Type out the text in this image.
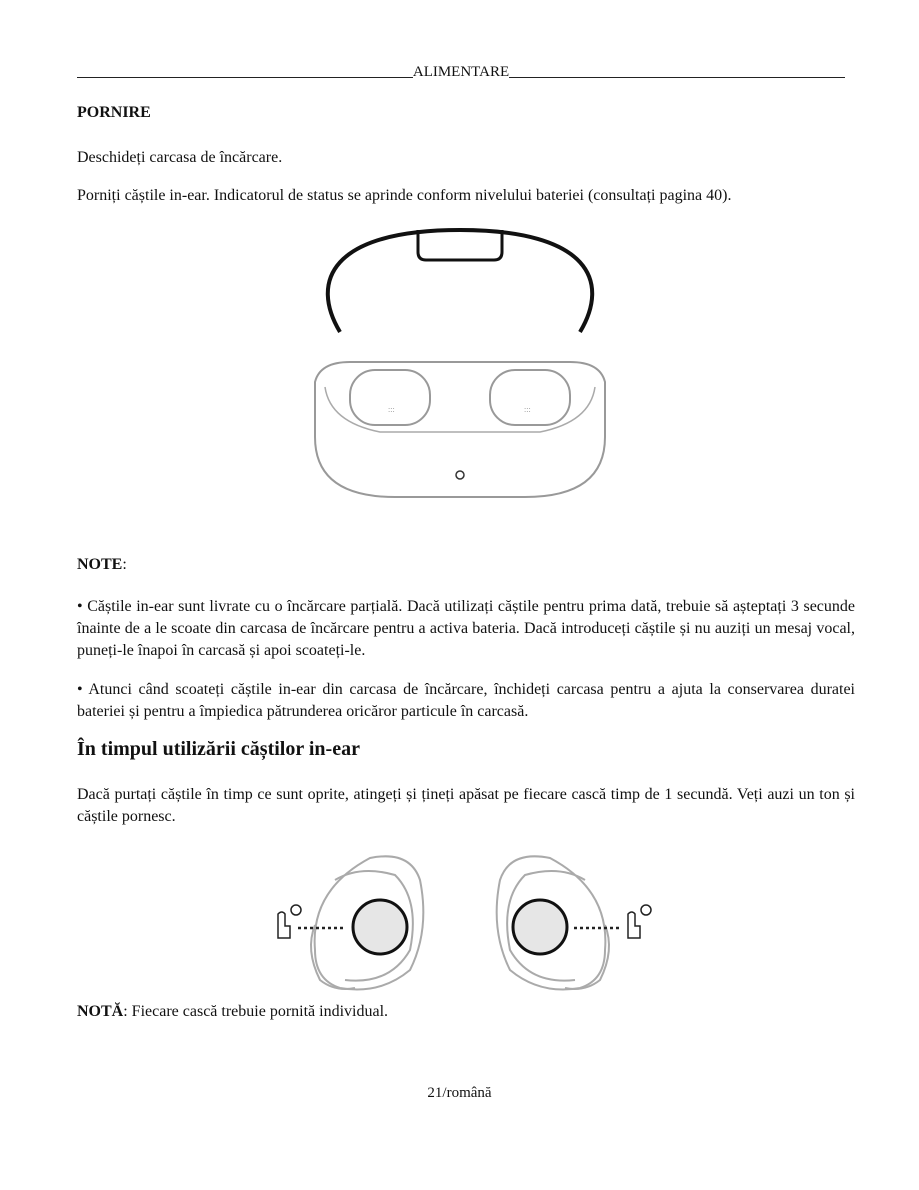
ALIMENTARE
PORNIRE
Deschideți carcasa de încărcare.
Porniți căștile in-ear. Indicatorul de status se aprinde conform nivelului bateriei (consultați pagina 40).
:::	:::
NOTE:
• Căștile in-ear sunt livrate cu o încărcare parțială. Dacă utilizați căștile pentru prima dată, trebuie să așteptați 3 secunde înainte de a le scoate din carcasa de încărcare pentru a activa bateria. Dacă introduceți căștile și nu auziți un mesaj vocal, puneți-le înapoi în carcasă și apoi scoateți-le.
• Atunci când scoateți căștile in-ear din carcasa de încărcare, închideți carcasa pentru a ajuta la conservarea duratei bateriei și pentru a împiedica pătrunderea oricăror particule în carcasă.
În timpul utilizării căștilor in-ear
Dacă purtați căștile în timp ce sunt oprite, atingeți și țineți apăsat pe fiecare cască timp de 1 secundă. Veți auzi un ton și căștile pornesc.
NOTĂ: Fiecare cască trebuie pornită individual.
21/română
